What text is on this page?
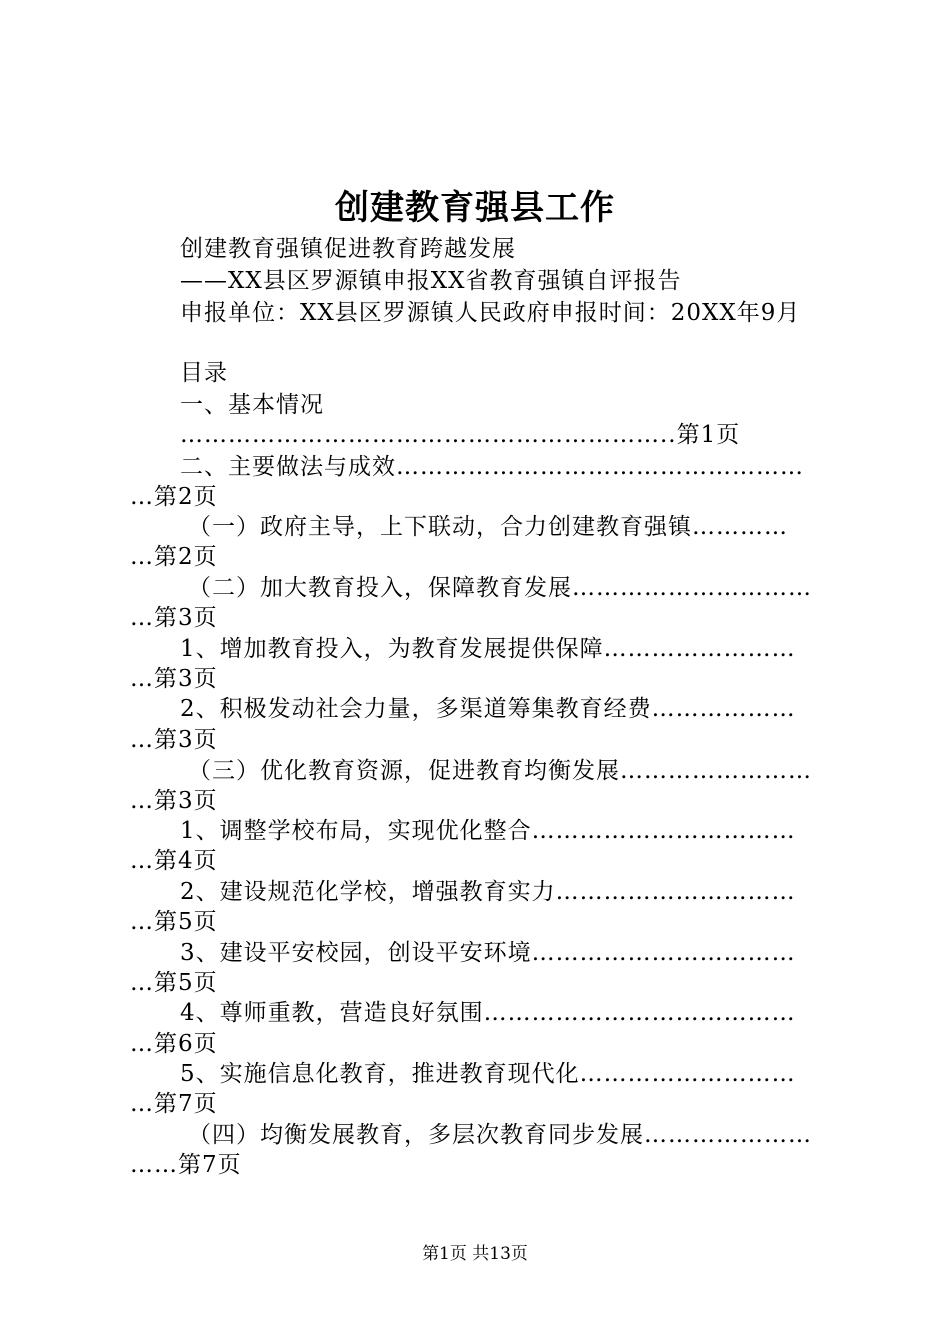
创建教育强县工作
创建教育强镇促进教育跨越发展
——XX县区罗源镇申报XX省教育强镇自评报告
申报单位：XX县区罗源镇人民政府申报时间：20XX年9月
目录
一、基本情况
……………………………………………………..第1页
二、主要做法与成效……………………………………………
…第2页
（一）政府主导，上下联动，合力创建教育强镇…………
…第2页
（二）加大教育投入，保障教育发展…………………………
…第3页
1、增加教育投入，为教育发展提供保障……………………
…第3页
2、积极发动社会力量，多渠道筹集教育经费………………
…第3页
（三）优化教育资源，促进教育均衡发展……………………
…第3页
1、调整学校布局，实现优化整合……………………………
…第4页
2、建设规范化学校，增强教育实力…………………………
…第5页
3、建设平安校园，创设平安环境……………………………
…第5页
4、尊师重教，营造良好氛围…………………………………
…第6页
5、实施信息化教育，推进教育现代化………………………
…第7页
（四）均衡发展教育，多层次教育同步发展…………………
……第7页
第1页 共13页
